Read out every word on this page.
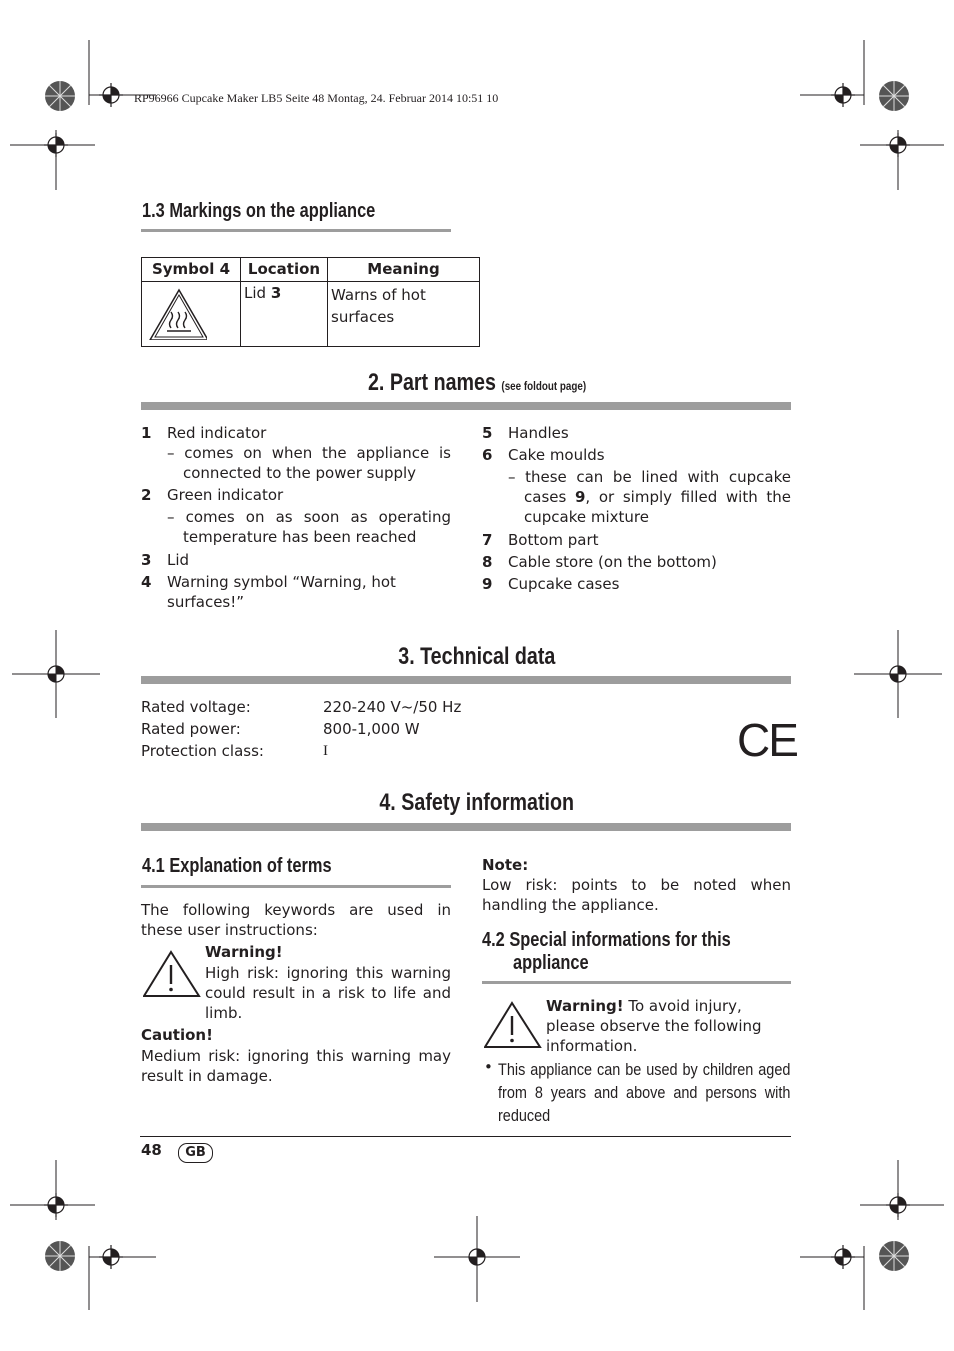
RP96966 Cupcake Maker LB5 Seite 48 Montag, 24. Februar 2014 10:51 10
1.3 Markings on the appliance
Symbol 4	Location	Meaning
	Lid 3	Warns of hot surfaces
2. Part names (see foldout page)
1 Red indicator
– comes on when the appliance is connected to the power supply
2 Green indicator
– comes on as soon as operating temperature has been reached
3 Lid
4 Warning symbol “Warning, hot surfaces!”
5 Handles
6 Cake moulds
– these can be lined with cupcake cases 9, or simply filled with the cupcake mixture
7 Bottom part
8 Cable store (on the bottom)
9 Cupcake cases
3. Technical data
Rated voltage:	220-240 V~/50 Hz
Rated power:	800-1,000 W
Protection class:	I	CE
4. Safety information
4.1 Explanation of terms
The following keywords are used in these user instructions:
Warning!
High risk: ignoring this warning could result in a risk to life and limb.
Caution!
Medium risk: ignoring this warning may result in damage.
Note:
Low risk: points to be noted when handling the appliance.
4.2 Special informations for this
appliance
Warning! To avoid injury, please observe the following information.
• This appliance can be used by children aged from 8 years and above and persons with reduced
48	GB
